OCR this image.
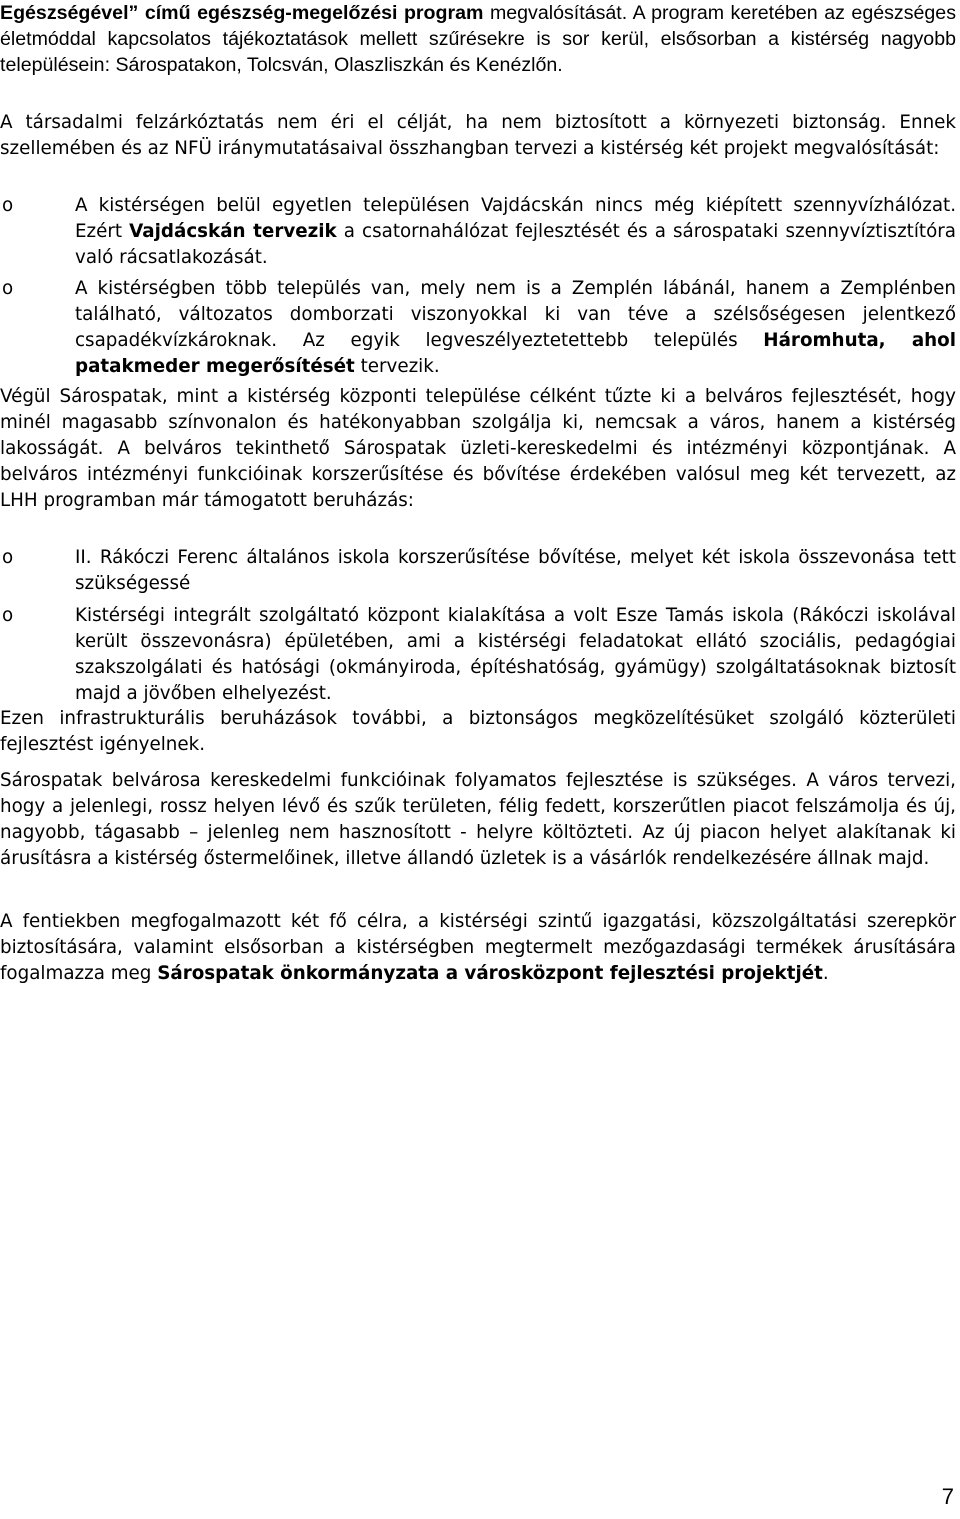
Egészségével” című egészség-megelőzési program megvalósítását. A program keretében az egészséges életmóddal kapcsolatos tájékoztatások mellett szűrésekre is sor kerül, elsősorban a kistérség nagyobb településein: Sárospatakon, Tolcsván, Olaszliszkán és Kenézlőn.

A társadalmi felzárkóztatás nem éri el célját, ha nem biztosított a környezeti biztonság. Ennek szellemében és az NFÜ iránymutatásaival összhangban tervezi a kistérség két projekt megvalósítását:

o	A kistérségen belül egyetlen településen Vajdácskán nincs még kiépített szennyvízhálózat. Ezért Vajdácskán tervezik a csatornahálózat fejlesztését és a sárospataki szennyvíztisztítóra való rácsatlakozását.
o	A kistérségben több település van, mely nem is a Zemplén lábánál, hanem a Zemplénben található, változatos domborzati viszonyokkal ki van téve a szélsőségesen jelentkező csapadékvízkároknak. Az egyik legveszélyeztetettebb település Háromhuta, ahol patakmeder megerősítését tervezik.

Végül Sárospatak, mint a kistérség központi települése célként tűzte ki a belváros fejlesztését, hogy minél magasabb színvonalon és hatékonyabban szolgálja ki, nemcsak a város, hanem a kistérség lakosságát. A belváros tekinthető Sárospatak üzleti-kereskedelmi és intézményi központjának. A belváros intézményi funkcióinak korszerűsítése és bővítése érdekében valósul meg két tervezett, az LHH programban már támogatott beruházás:

o	II. Rákóczi Ferenc általános iskola korszerűsítése bővítése, melyet két iskola összevonása tett szükségessé
o	Kistérségi integrált szolgáltató központ kialakítása a volt Esze Tamás iskola (Rákóczi iskolával került összevonásra) épületében, ami a kistérségi feladatokat ellátó szociális, pedagógiai szakszolgálati és hatósági (okmányiroda, építéshatóság, gyámügy) szolgáltatásoknak biztosít majd a jövőben elhelyezést.

Ezen infrastrukturális beruházások további, a biztonságos megközelítésüket szolgáló közterületi fejlesztést igényelnek.

Sárospatak belvárosa kereskedelmi funkcióinak folyamatos fejlesztése is szükséges. A város tervezi, hogy a jelenlegi, rossz helyen lévő és szűk területen, félig fedett, korszerűtlen piacot felszámolja és új, nagyobb, tágasabb – jelenleg nem hasznosított - helyre költözteti. Az új piacon helyet alakítanak ki árusításra a kistérség őstermelőinek, illetve állandó üzletek is a vásárlók rendelkezésére állnak majd.

A fentiekben megfogalmazott két fő célra, a kistérségi szintű igazgatási, közszolgáltatási szerepkör biztosítására, valamint elsősorban a kistérségben megtermelt mezőgazdasági termékek árusítására fogalmazza meg Sárospatak önkormányzata a városközpont fejlesztési projektjét.

7
